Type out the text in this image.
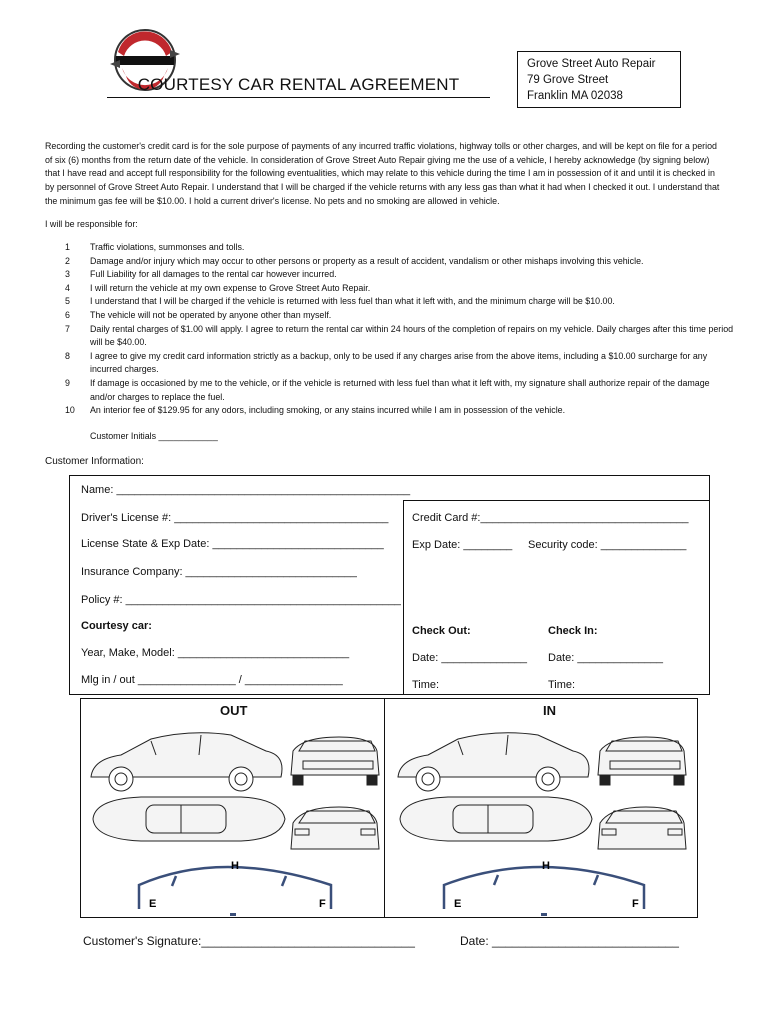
COURTESY CAR RENTAL AGREEMENT
Grove Street Auto Repair
79 Grove Street
Franklin MA 02038
Recording the customer's credit card is for the sole purpose of payments of any incurred traffic violations, highway tolls or other charges, and will be kept on file for a period of six (6) months from the return date of the vehicle. In consideration of Grove Street Auto Repair giving me the use of a vehicle, I hereby acknowledge (by signing below) that I have read and accept full responsibility for the following eventualities, which may relate to this vehicle during the time I am in possession of it and until it is checked in by personnel of Grove Street Auto Repair. I understand that I will be charged if the vehicle returns with any less gas than what it had when I checked it out. I understand that the minimum gas fee will be $10.00. I hold a current driver's license. No pets and no smoking are allowed in vehicle.
I will be responsible for:
1	Traffic violations, summonses and tolls.
2	Damage and/or injury which may occur to other persons or property as a result of accident, vandalism or other mishaps involving this vehicle.
3	Full Liability for all damages to the rental car however incurred.
4	I will return the vehicle at my own expense to Grove Street Auto Repair.
5	I understand that I will be charged if the vehicle is returned with less fuel than what it left with, and the minimum charge will be $10.00.
6	The vehicle will not be operated by anyone other than myself.
7	Daily rental charges of $1.00 will apply. I agree to return the rental car within 24 hours of the completion of repairs on my vehicle. Daily charges after this time period will be $40.00.
8	I agree to give my credit card information strictly as a backup, only to be used if any charges arise from the above items, including a $10.00 surcharge for any incurred charges.
9	If damage is occasioned by me to the vehicle, or if the vehicle is returned with less fuel than what it left with, my signature shall authorize repair of the damage and/or charges to replace the fuel.
10	An interior fee of $129.95 for any odors, including smoking, or any stains incurred while I am in possession of the vehicle.
Customer Initials ____________
Customer Information:
Name: ________________________________________________
Driver's License #: ___________________________________
License State & Exp Date: ____________________________
Insurance Company: ____________________________
Policy #: _____________________________________________
Courtesy car:
Year, Make, Model: ____________________________
Mlg in / out ________________ / ________________
Credit Card #:__________________________________
Exp Date: ________ Security code: ______________
Check Out:	Check In:
Date: ______________ Date: ______________
Time:	Time:
OUT	IN
H
E	F
H
E	F
Customer's Signature:________________________________	Date: ____________________________
